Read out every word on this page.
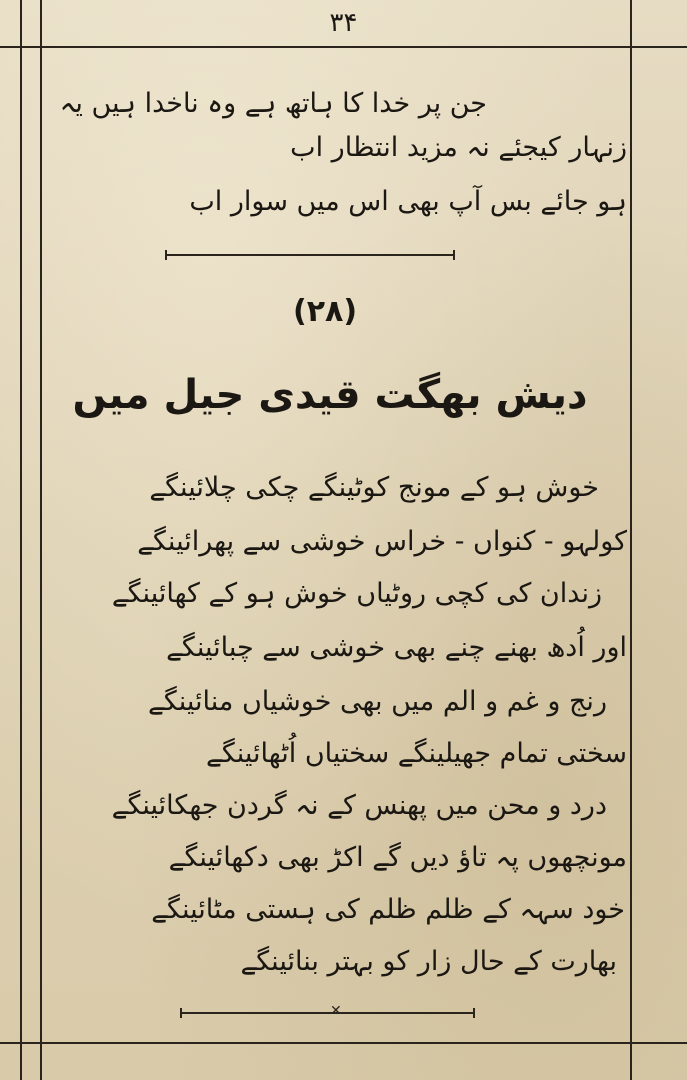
۳۴
جن پر خدا کا ہاتھ ہے وہ ناخدا ہیں یہ
زنہار کیجئے نہ مزید انتظار اب
ہو جائے بس آپ بھی اس میں سوار اب
(۲۸)
دیش بھگت قیدی جیل میں
خوش ہو کے مونج کوٹینگے چکی چلائینگے
کولہو - کنواں - خراس خوشی سے پھرائینگے
زندان کی کچی روٹیاں خوش ہو کے کھائینگے
اور اُدھ بھنے چنے بھی خوشی سے چبائینگے
رنج و غم و الم میں بھی خوشیاں منائینگے
سختی تمام جھیلینگے سختیاں اُٹھائینگے
درد و محن میں پھنس کے نہ گردن جھکائینگے
مونچھوں پہ تاؤ دیں گے اکڑ بھی دکھائینگے
خود سہہ کے ظلم ظلم کی ہستی مٹائینگے
بھارت کے حال زار کو بہتر بنائینگے
✕
